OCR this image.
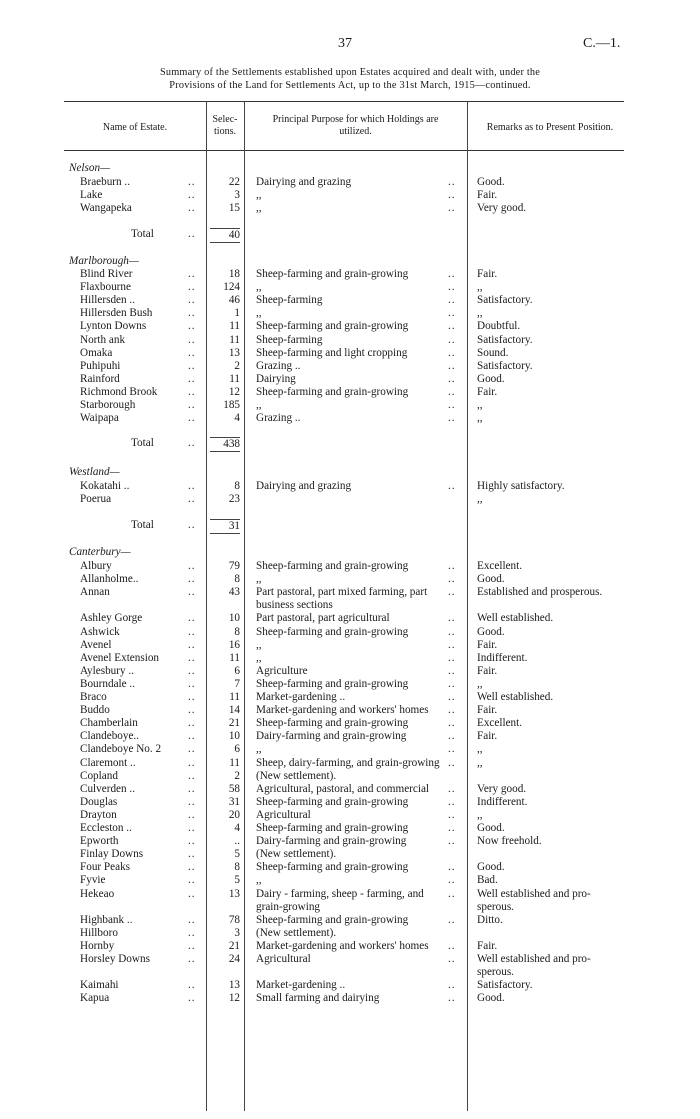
37	C.—1.
Summary of the Settlements established upon Estates acquired and dealt with, under the
Provisions of the Land for Settlements Act, up to the 31st March, 1915—continued.
Name of Estate.
Selec-
tions.
Principal Purpose for which Holdings are
utilized.	Remarks as to Present Position.
Nelson—
Braeburn ..	..	22 Dairying and grazing	.. Good.
Lake	..	3 ,,	.. Fair.
Wangapeka	..	15 ,,	.. Very good.
Total	..	40
Marlborough—
Blind River	..	18 Sheep-farming and grain-growing	.. Fair.
Flaxbourne	..	124 ,,	.. ,,
Hillersden ..	..	46 Sheep-farming	.. Satisfactory.
Hillersden Bush	..	1 ,,	.. ,,
Lynton Downs	..	11 Sheep-farming and grain-growing	.. Doubtful.
North ank	..	11 Sheep-farming	.. Satisfactory.
Omaka	..	13 Sheep-farming and light cropping	.. Sound.
Puhipuhi	..	2 Grazing ..	.. Satisfactory.
Rainford	..	11 Dairying	.. Good.
Richmond Brook	..	12 Sheep-farming and grain-growing	.. Fair.
Starborough	..	185 ,,	.. ,,
Waipapa	..	4 Grazing ..	.. ,,
Total	..	438
Westland—
Kokatahi ..	..	8 Dairying and grazing	.. Highly satisfactory.
Poerua	..	23	,,
Total	..	31
Canterbury—
Albury	..	79 Sheep-farming and grain-growing	.. Excellent.
Allanholme..	..	8 ,,	.. Good.
Annan	..	43 Part pastoral, part mixed farming, part .. Established and prosperous.
business sections
Ashley Gorge	..	10 Part pastoral, part agricultural	.. Well established.
Ashwick	..	8 Sheep-farming and grain-growing	.. Good.
Avenel	..	16 ,,	.. Fair.
Avenel Extension	..	11 ,,	.. Indifferent.
Aylesbury ..	..	6 Agriculture	.. Fair.
Bourndale ..	..	7 Sheep-farming and grain-growing	.. ,,
Braco	..	11 Market-gardening ..	.. Well established.
Buddo	..	14 Market-gardening and workers' homes .. Fair.
Chamberlain	..	21 Sheep-farming and grain-growing	.. Excellent.
Clandeboye..	..	10 Dairy-farming and grain-growing	.. Fair.
Clandeboye No. 2 ..	6 ,,	.. ,,
Claremont ..	..	11 Sheep, dairy-farming, and grain-growing .. ,,
Copland	..	2 (New settlement).
Culverden ..	..	58 Agricultural, pastoral, and commercial .. Very good.
Douglas	..	31 Sheep-farming and grain-growing	.. Indifferent.
Drayton	..	20 Agricultural	.. ,,
Eccleston ..	..	4 Sheep-farming and grain-growing	.. Good.
Epworth	..	.. Dairy-farming and grain-growing	.. Now freehold.
Finlay Downs	..	5 (New settlement).
Four Peaks	..	8 Sheep-farming and grain-growing	.. Good.
Fyvie	..	5 ,,	.. Bad.
Hekeao	..	13 Dairy - farming, sheep - farming, and .. Well established and pro-
grain-growing	sperous.
Highbank ..	..	78 Sheep-farming and grain-growing	.. Ditto.
Hillboro	..	3 (New settlement).
Hornby	..	21 Market-gardening and workers' homes .. Fair.
Horsley Downs	..	24 Agricultural	.. Well established and pro-
sperous.
Kaimahi	..	13 Market-gardening ..	.. Satisfactory.
Kapua	..	12 Small farming and dairying	.. Good.
